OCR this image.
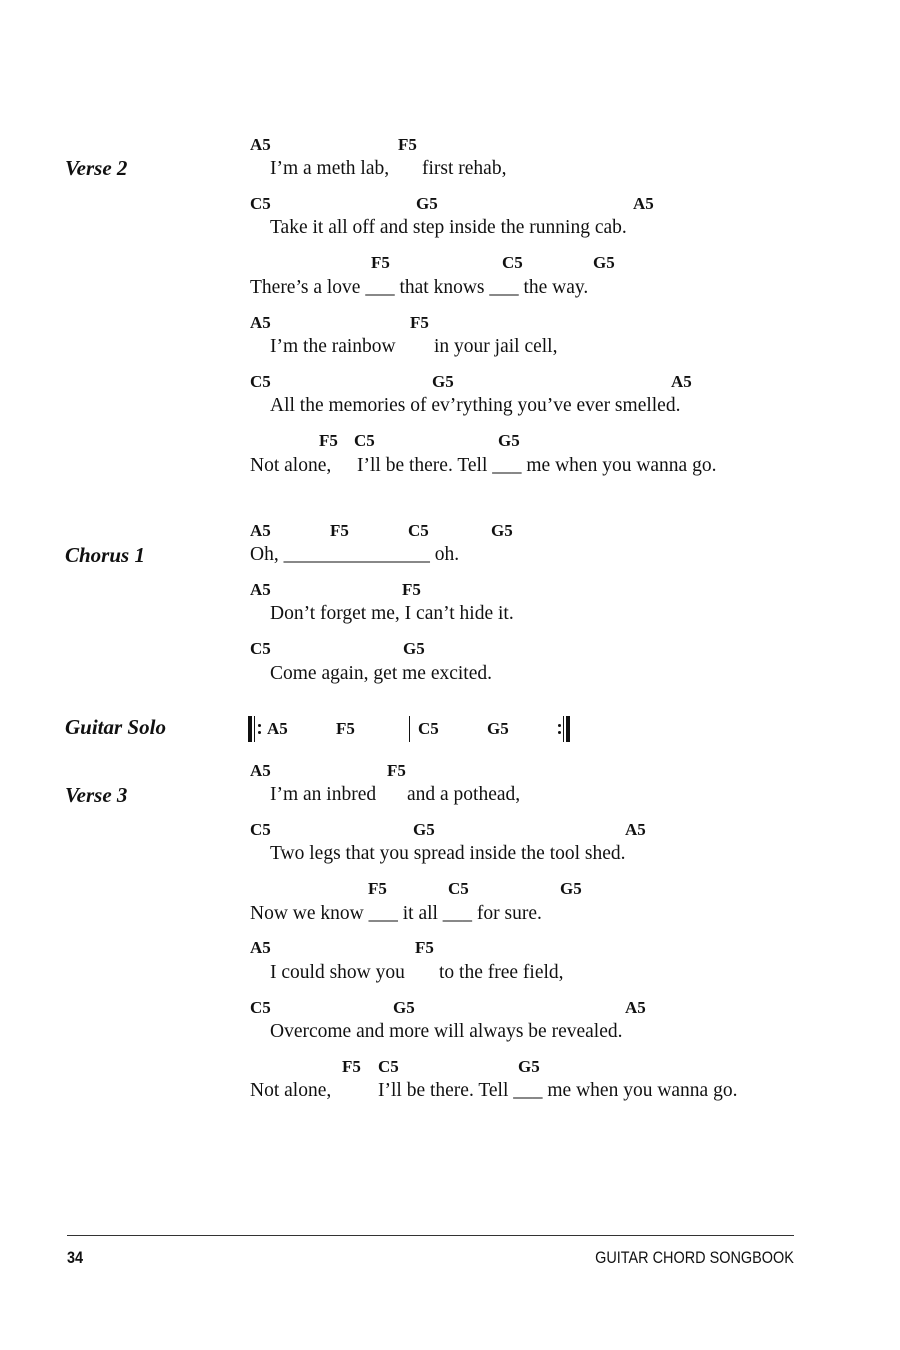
Verse 2
Chorus 1
Guitar Solo
Verse 3
A5	F5
I’m a meth lab, first rehab,
C5	G5	A5
Take it all off and step inside the running cab.
F5	C5	G5
There’s a love ___ that knows ___ the way.
A5	F5
I’m the rainbow in your jail cell,
C5	G5	A5
All the memories of ev’rything you’ve ever smelled.
F5 C5	G5
Not alone, I’ll be there. Tell ___ me when you wanna go.
A5	F5	C5	G5
Oh, _______________ oh.
A5	F5
Don’t forget me, I can’t hide it.
C5	G5
Come again, get me excited.
A5	F5	C5	G5
A5	F5
I’m an inbred and a pothead,
C5	G5	A5
Two legs that you spread inside the tool shed.
F5	C5	G5
Now we know ___ it all ___ for sure.
A5	F5
I could show you to the free field,
C5	G5	A5
Overcome and more will always be revealed.
F5 C5	G5
Not alone, I’ll be there. Tell ___ me when you wanna go.
34	GUITAR CHORD SONGBOOK
